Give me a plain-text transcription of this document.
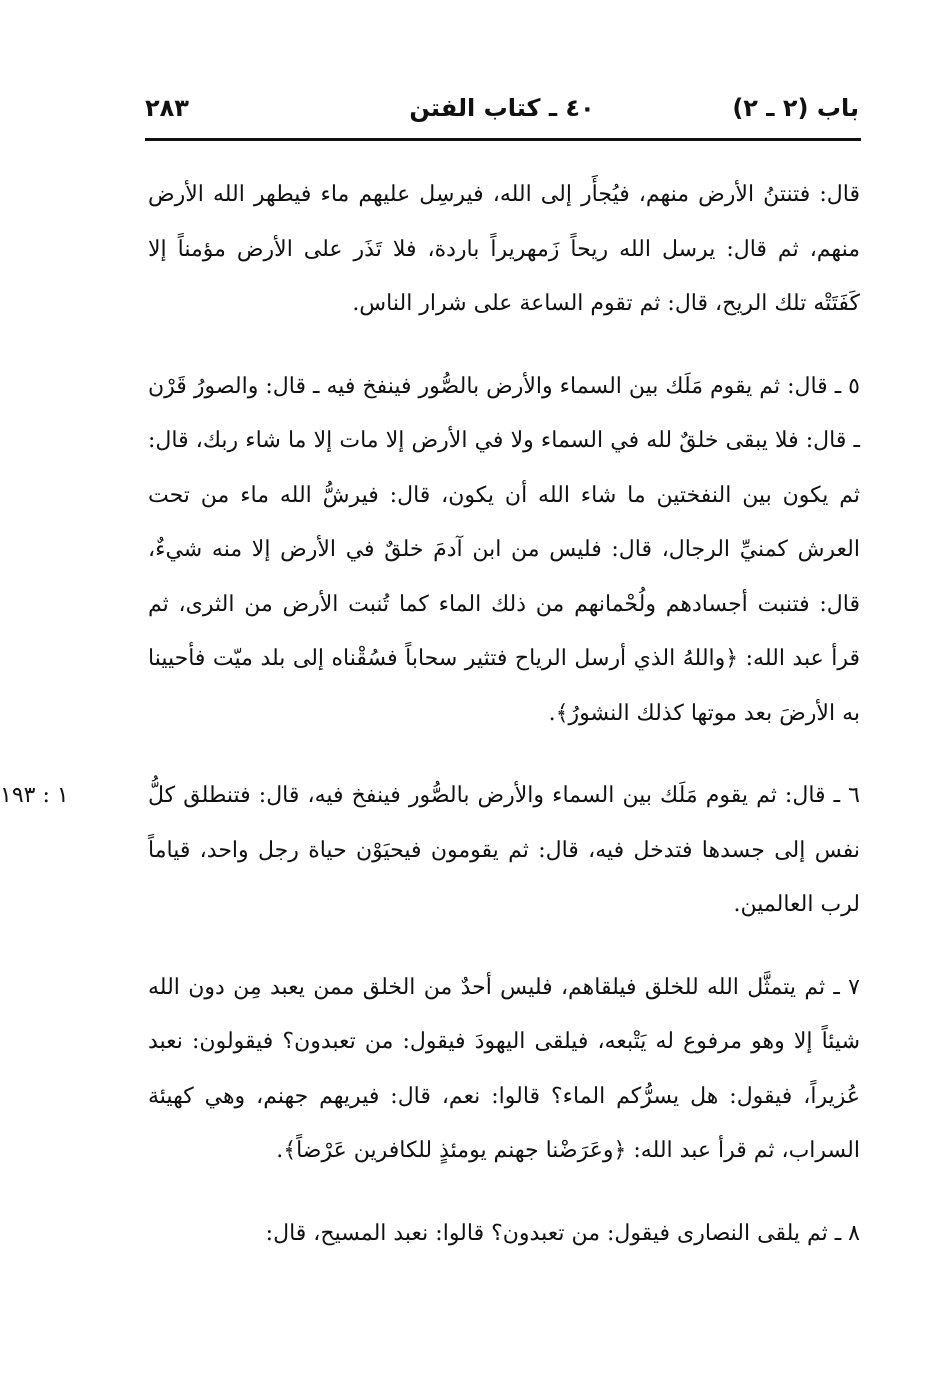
باب (٢ ـ ٢)
٤٠ ـ كتاب الفتن
٢٨٣

قال: فتنتنُ الأرض منهم، فيُجأَر إلى الله، فيرسِل عليهم ماء فيطهر الله الأرض منهم، ثم قال: يرسل الله ريحاً زَمهريراً باردة، فلا تَذَر على الأرض مؤمناً إلا كَفَتَتْه تلك الريح، قال: ثم تقوم الساعة على شرار الناس.

٥ ـ قال: ثم يقوم مَلَك بين السماء والأرض بالصُّور فينفخ فيه ـ قال: والصورُ قَرْن ـ قال: فلا يبقى خلقٌ لله في السماء ولا في الأرض إلا مات إلا ما شاء ربك، قال: ثم يكون بين النفختين ما شاء الله أن يكون، قال: فيرشُّ الله ماء من تحت العرش كمنيِّ الرجال، قال: فليس من ابن آدمَ خلقٌ في الأرض إلا منه شيءٌ، قال: فتنبت أجسادهم ولُحْمانهم من ذلك الماء كما تُنبت الأرض من الثرى، ثم قرأ عبد الله: ﴿واللهُ الذي أرسل الرياح فتثير سحاباً فسُقْناه إلى بلد ميّت فأحيينا به الأرضَ بعد موتها كذلك النشورُ﴾.

١ : ١٩٣	٦ ـ قال: ثم يقوم مَلَك بين السماء والأرض بالصُّور فينفخ فيه، قال: فتنطلق كلُّ نفس إلى جسدها فتدخل فيه، قال: ثم يقومون فيحيَوْن حياة رجل واحد، قياماً لرب العالمين.

٧ ـ ثم يتمثَّل الله للخلق فيلقاهم، فليس أحدٌ من الخلق ممن يعبد مِن دون الله شيئاً إلا وهو مرفوع له يَتْبعه، فيلقى اليهودَ فيقول: من تعبدون؟ فيقولون: نعبد عُزيراً، فيقول: هل يسرُّكم الماء؟ قالوا: نعم، قال: فيريهم جهنم، وهي كهيئة السراب، ثم قرأ عبد الله: ﴿وعَرَضْنا جهنم يومئذٍ للكافرين عَرْضاً﴾.

٨ ـ ثم يلقى النصارى فيقول: من تعبدون؟ قالوا: نعبد المسيح، قال:
